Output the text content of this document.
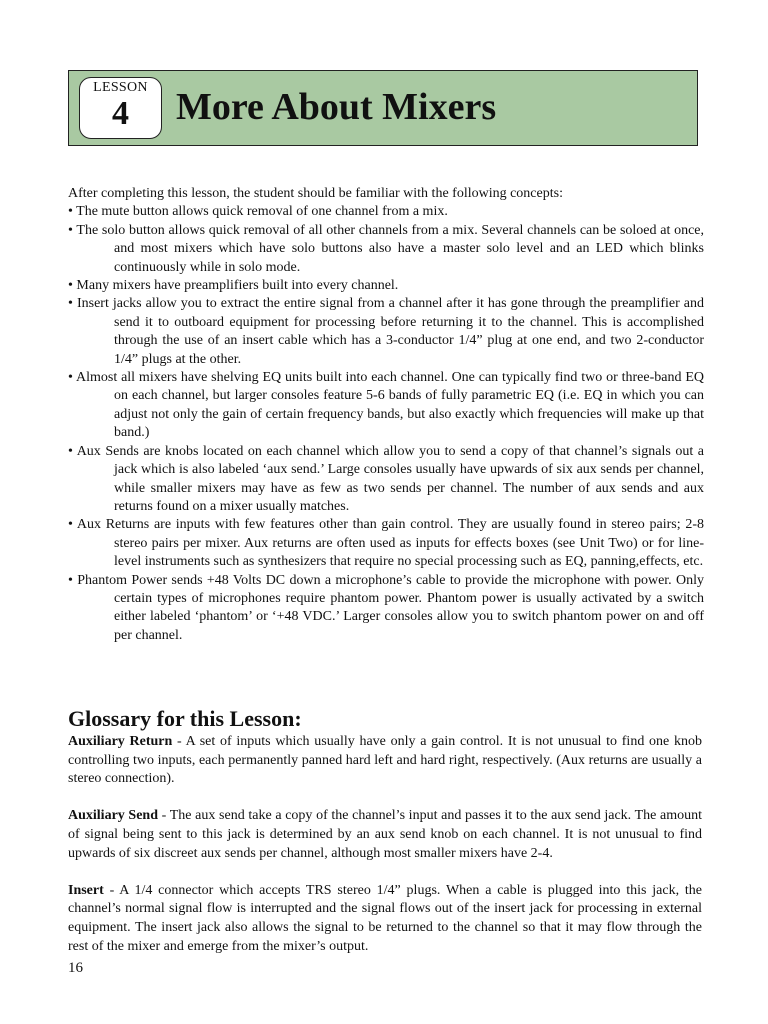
LESSON
4	More About Mixers

After completing this lesson, the student should be familiar with the following concepts:

• The mute button allows quick removal of one channel from a mix.
• The solo button allows quick removal of all other channels from a mix. Several channels can be soloed at once, and most mixers which have solo buttons also have a master solo level and an LED which blinks continuously while in solo mode.
• Many mixers have preamplifiers built into every channel.
• Insert jacks allow you to extract the entire signal from a channel after it has gone through the preamplifier and send it to outboard equipment for processing before returning it to the channel. This is accomplished through the use of an insert cable which has a 3-conductor 1/4” plug at one end, and two 2-conductor 1/4” plugs at the other.
• Almost all mixers have shelving EQ units built into each channel. One can typically find two or three-band EQ on each channel, but larger consoles feature 5-6 bands of fully parametric EQ (i.e. EQ in which you can adjust not only the gain of certain frequency bands, but also exactly which frequencies will make up that band.)
• Aux Sends are knobs located on each channel which allow you to send a copy of that channel’s signals out a jack which is also labeled ‘aux send.’ Large consoles usually have upwards of six aux sends per channel, while smaller mixers may have as few as two sends per channel. The number of aux sends and aux returns found on a mixer usually matches.
• Aux Returns are inputs with few features other than gain control. They are usually found in stereo pairs; 2-8 stereo pairs per mixer. Aux returns are often used as inputs for effects boxes (see Unit Two) or for line-level instruments such as synthesizers that require no special processing such as EQ, panning,effects, etc.
• Phantom Power sends +48 Volts DC down a microphone’s cable to provide the microphone with power. Only certain types of microphones require phantom power. Phantom power is usually activated by a switch either labeled ‘phantom’ or ‘+48 VDC.’ Larger consoles allow you to switch phantom power on and off per channel.
Glossary for this Lesson:

Auxiliary Return - A set of inputs which usually have only a gain control. It is not unusual to find one knob controlling two inputs, each permanently panned hard left and hard right, respectively. (Aux returns are usually a stereo connection).

Auxiliary Send - The aux send take a copy of the channel’s input and passes it to the aux send jack. The amount of signal being sent to this jack is determined by an aux send knob on each channel. It is not unusual to find upwards of six discreet aux sends per channel, although most smaller mixers have 2-4.

Insert - A 1/4 connector which accepts TRS stereo 1/4” plugs. When a cable is plugged into this jack, the channel’s normal signal flow is interrupted and the signal flows out of the insert jack for processing in external equipment. The insert jack also allows the signal to be returned to the channel so that it may flow through the rest of the mixer and emerge from the mixer’s output.

16
